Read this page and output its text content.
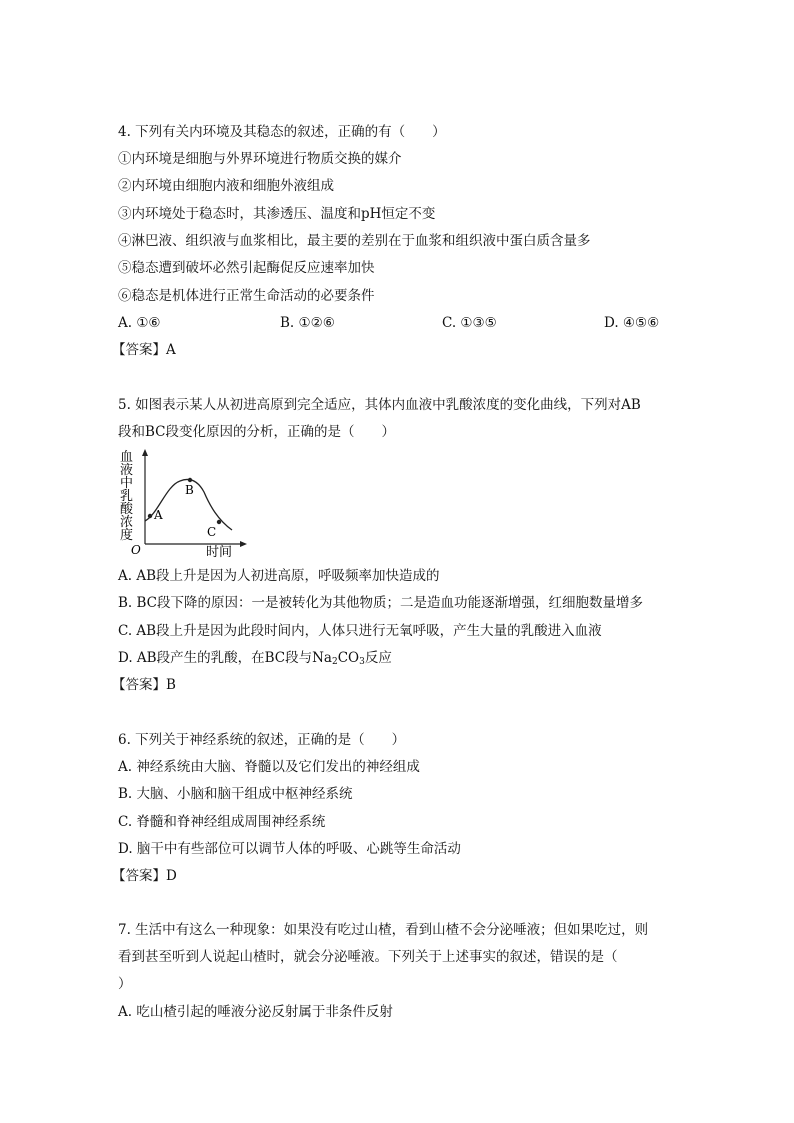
4. 下列有关内环境及其稳态的叙述，正确的有（　　）
①内环境是细胞与外界环境进行物质交换的媒介
②内环境由细胞内液和细胞外液组成
③内环境处于稳态时，其渗透压、温度和pH恒定不变
④淋巴液、组织液与血浆相比，最主要的差别在于血浆和组织液中蛋白质含量多
⑤稳态遭到破坏必然引起酶促反应速率加快
⑥稳态是机体进行正常生命活动的必要条件
A. ①⑥	B. ①②⑥	C. ①③⑤	D. ④⑤⑥
【答案】A
5. 如图表示某人从初进高原到完全适应，其体内血液中乳酸浓度的变化曲线，下列对AB
段和BC段变化原因的分析，正确的是（　　）
血
液
中
乳
酸
浓
度
O	时间
A
B
C
A. AB段上升是因为人初进高原，呼吸频率加快造成的
B. BC段下降的原因：一是被转化为其他物质；二是造血功能逐渐增强，红细胞数量增多
C. AB段上升是因为此段时间内，人体只进行无氧呼吸，产生大量的乳酸进入血液
D. AB段产生的乳酸，在BC段与$Na_2CO_3$反应
【答案】B
6. 下列关于神经系统的叙述，正确的是（　　）
A. 神经系统由大脑、脊髓以及它们发出的神经组成
B. 大脑、小脑和脑干组成中枢神经系统
C. 脊髓和脊神经组成周围神经系统
D. 脑干中有些部位可以调节人体的呼吸、心跳等生命活动
【答案】D
7. 生活中有这么一种现象：如果没有吃过山楂，看到山楂不会分泌唾液；但如果吃过，则
看到甚至听到人说起山楂时，就会分泌唾液。下列关于上述事实的叙述，错误的是（
）
A. 吃山楂引起的唾液分泌反射属于非条件反射
